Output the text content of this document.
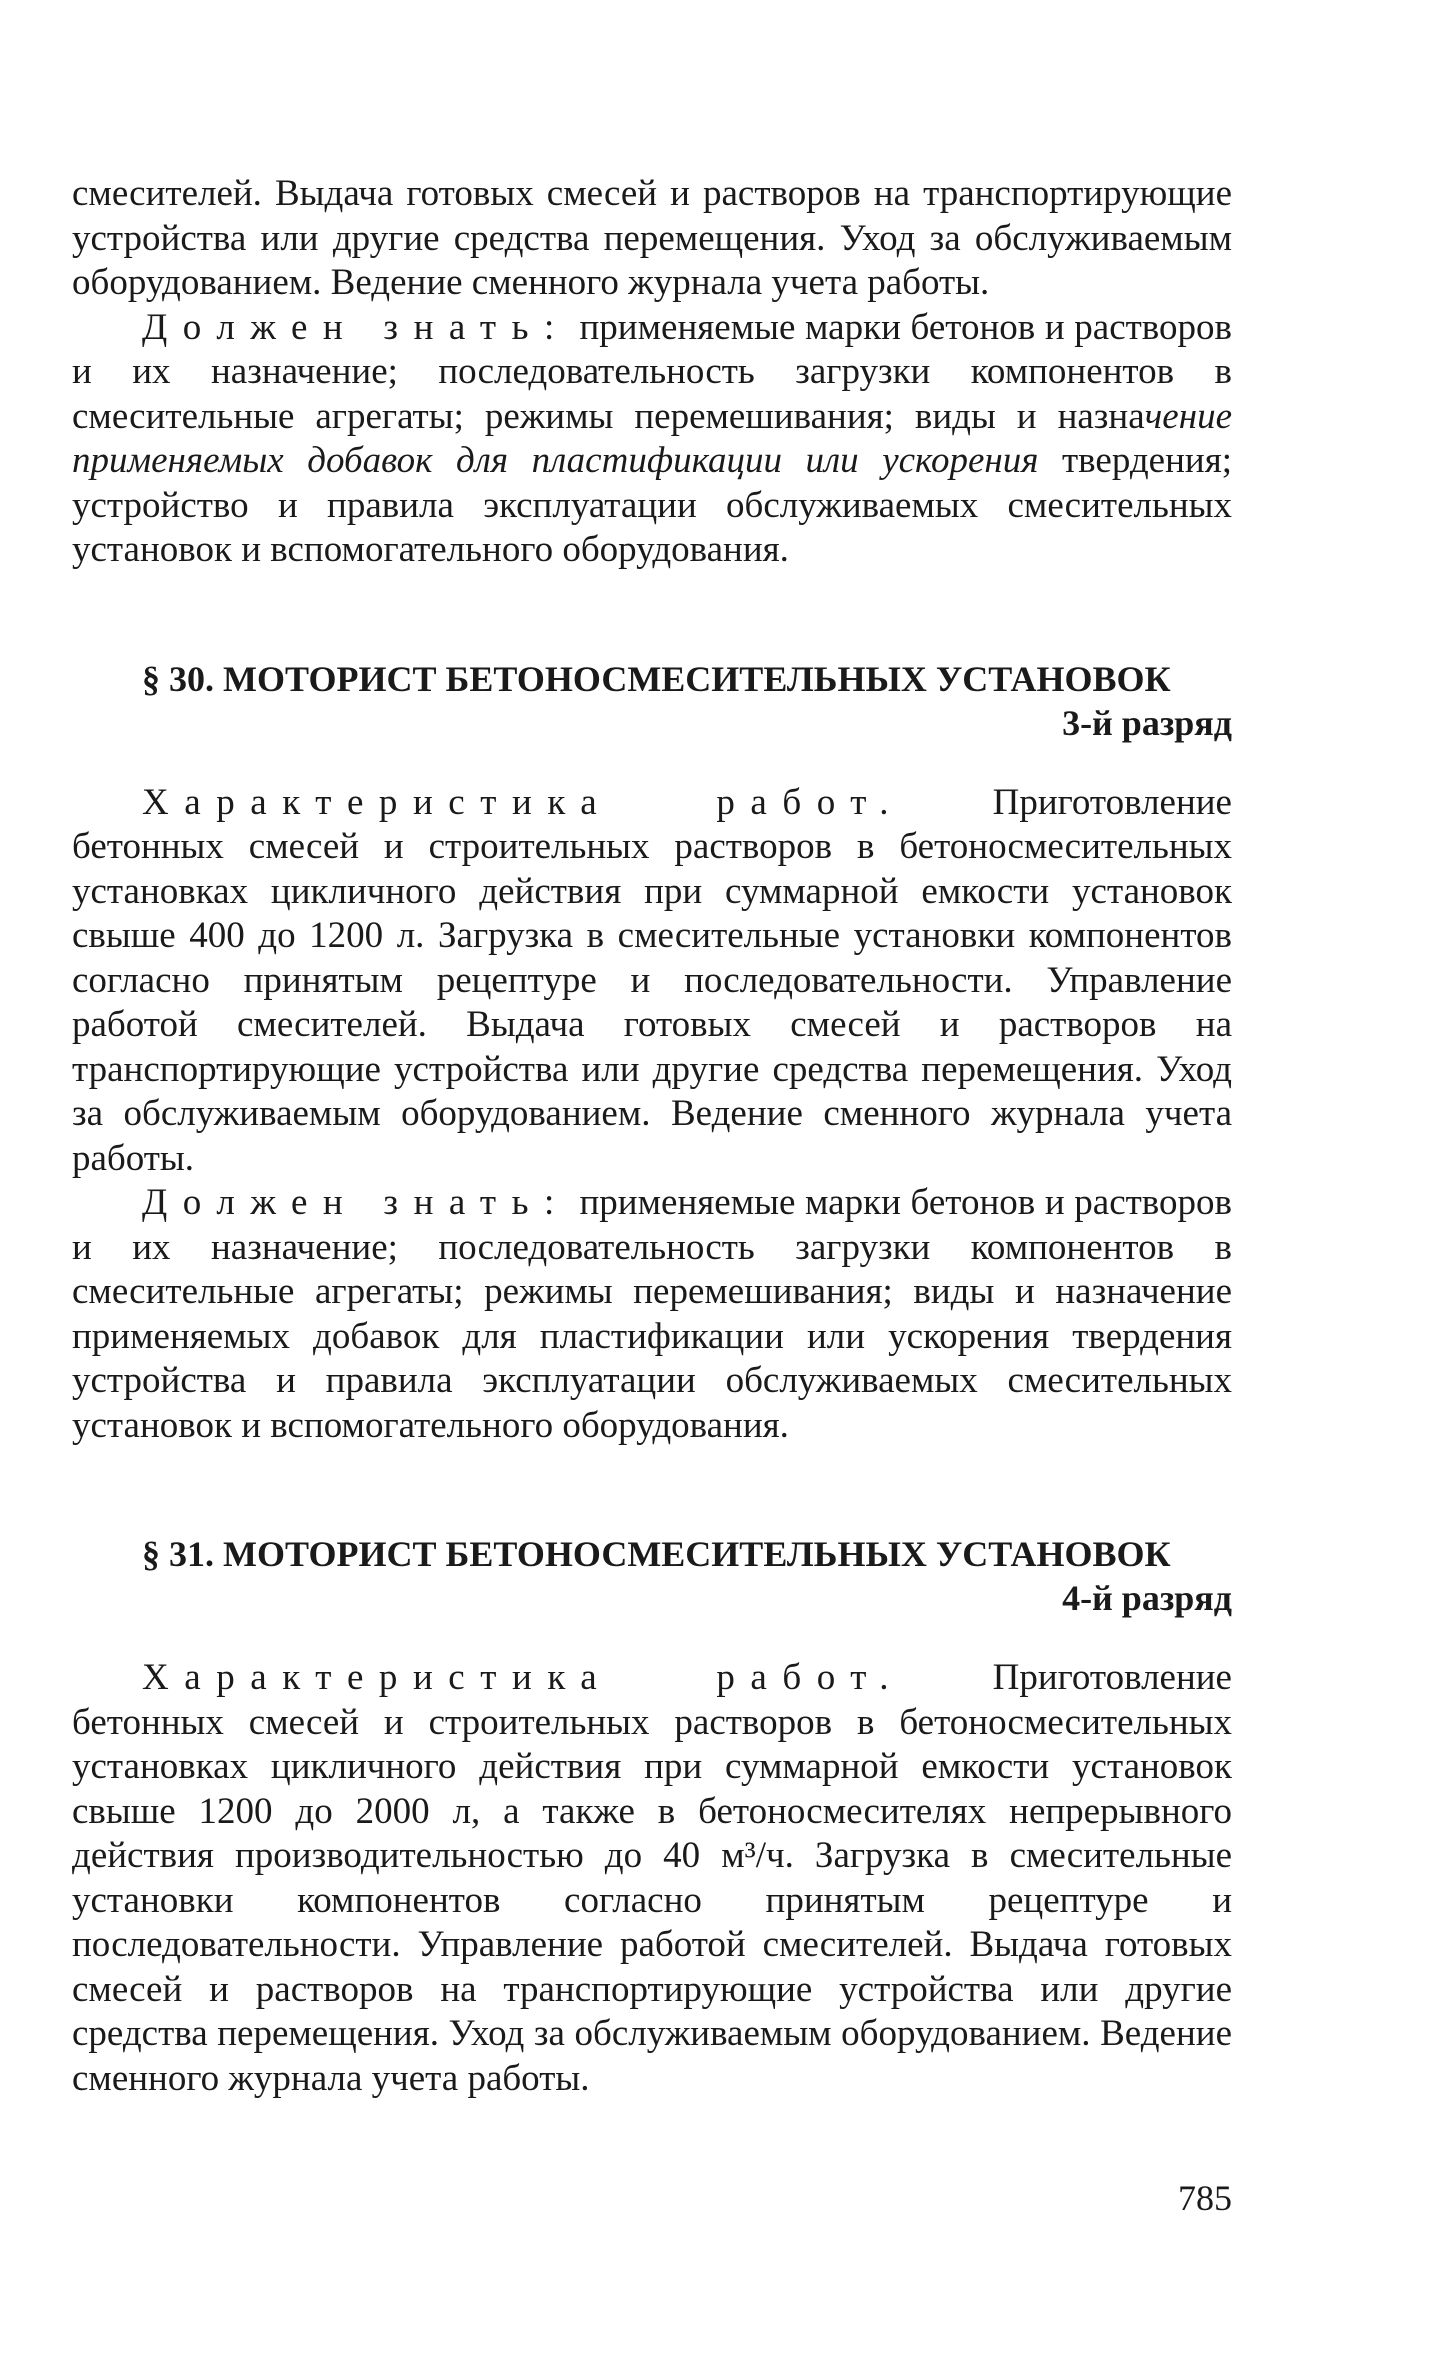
смесителей. Выдача готовых смесей и растворов на транспортирующие устройства или другие средства перемещения. Уход за обслуживаемым оборудованием. Ведение сменного журнала учета работы.

Должен знать: применяемые марки бетонов и растворов и их назначение; последовательность загрузки компонентов в смесительные агрегаты; режимы перемешивания; виды и назначение применяемых добавок для пластификации или ускорения твердения; устройство и правила эксплуатации обслуживаемых смесительных установок и вспомогательного оборудования.

§ 30. МОТОРИСТ БЕТОНОСМЕСИТЕЛЬНЫХ УСТАНОВОК
3-й разряд

Характеристика работ. Приготовление бетонных смесей и строительных растворов в бетоносмесительных установках цикличного действия при суммарной емкости установок свыше 400 до 1200 л. Загрузка в смесительные установки компонентов согласно принятым рецептуре и последовательности. Управление работой смесителей. Выдача готовых смесей и растворов на транспортирующие устройства или другие средства перемещения. Уход за обслуживаемым оборудованием. Ведение сменного журнала учета работы.

Должен знать: применяемые марки бетонов и растворов и их назначение; последовательность загрузки компонентов в смесительные агрегаты; режимы перемешивания; виды и назначение применяемых добавок для пластификации или ускорения твердения устройства и правила эксплуатации обслуживаемых смесительных установок и вспомогательного оборудования.

§ 31. МОТОРИСТ БЕТОНОСМЕСИТЕЛЬНЫХ УСТАНОВОК
4-й разряд

Характеристика работ. Приготовление бетонных смесей и строительных растворов в бетоносмесительных установках цикличного действия при суммарной емкости установок свыше 1200 до 2000 л, а также в бетоносмесителях непрерывного действия производительностью до 40 м³/ч. Загрузка в смесительные установки компонентов согласно принятым рецептуре и последовательности. Управление работой смесителей. Выдача готовых смесей и растворов на транспортирующие устройства или другие средства перемещения. Уход за обслуживаемым оборудованием. Ведение сменного журнала учета работы.

785
